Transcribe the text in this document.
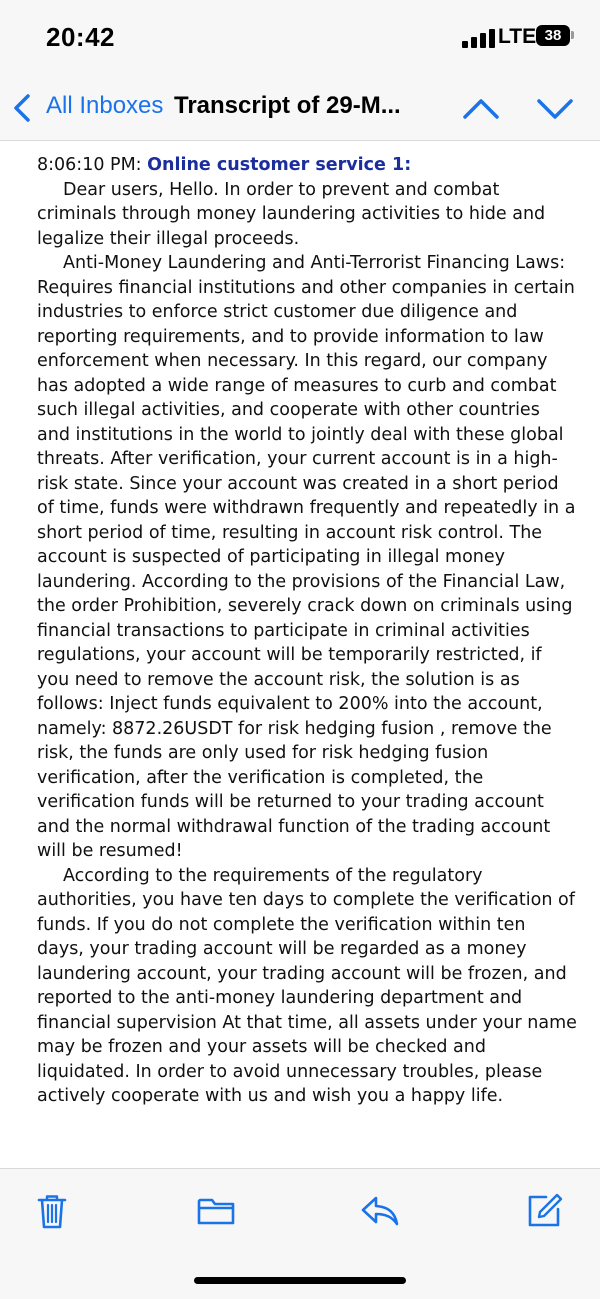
20:42	LTE 38
All Inboxes Transcript of 29-M...

8:06:10 PM: Online customer service 1:

Dear users, Hello. In order to prevent and combat criminals through money laundering activities to hide and legalize their illegal proceeds.

Anti-Money Laundering and Anti-Terrorist Financing Laws: Requires financial institutions and other companies in certain industries to enforce strict customer due diligence and reporting requirements, and to provide information to law enforcement when necessary. In this regard, our company has adopted a wide range of measures to curb and combat such illegal activities, and cooperate with other countries and institutions in the world to jointly deal with these global threats. After verification, your current account is in a high-risk state. Since your account was created in a short period of time, funds were withdrawn frequently and repeatedly in a short period of time, resulting in account risk control. The account is suspected of participating in illegal money laundering. According to the provisions of the Financial Law, the order Prohibition, severely crack down on criminals using financial transactions to participate in criminal activities regulations, your account will be temporarily restricted, if you need to remove the account risk, the solution is as follows: Inject funds equivalent to 200% into the account, namely: 8872.26USDT for risk hedging fusion , remove the risk, the funds are only used for risk hedging fusion verification, after the verification is completed, the verification funds will be returned to your trading account and the normal withdrawal function of the trading account will be resumed!

According to the requirements of the regulatory authorities, you have ten days to complete the verification of funds. If you do not complete the verification within ten days, your trading account will be regarded as a money laundering account, your trading account will be frozen, and reported to the anti-money laundering department and financial supervision At that time, all assets under your name may be frozen and your assets will be checked and liquidated. In order to avoid unnecessary troubles, please actively cooperate with us and wish you a happy life.
